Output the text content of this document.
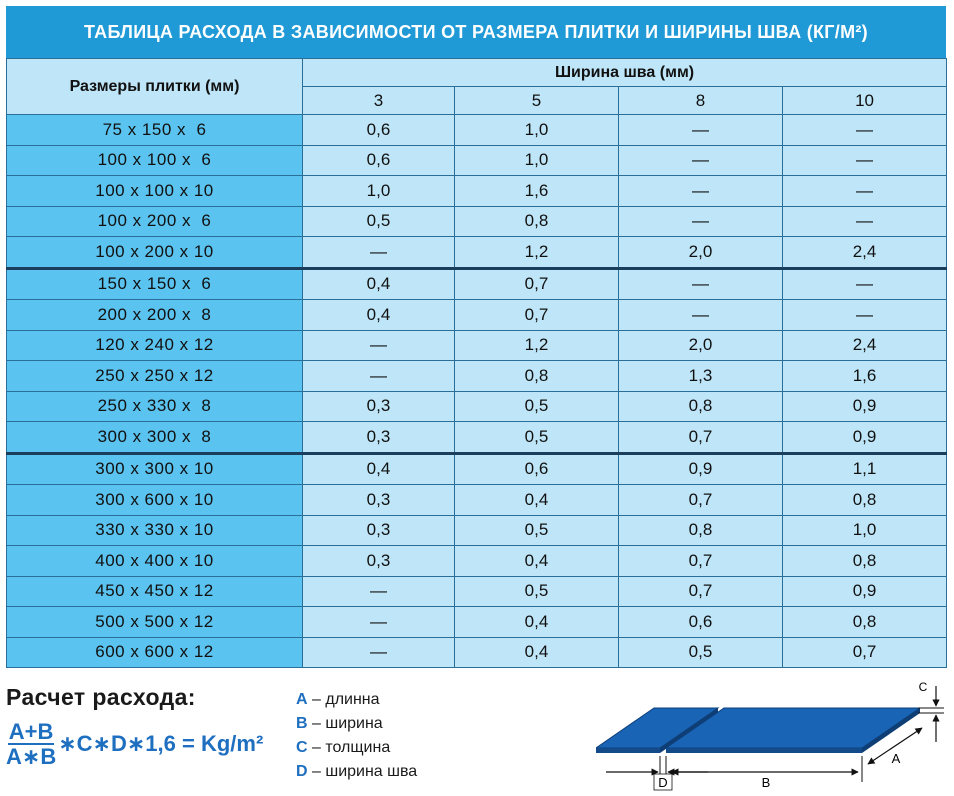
ТАБЛИЦА РАСХОДА В ЗАВИСИМОСТИ ОТ РАЗМЕРА ПЛИТКИ И ШИРИНЫ ШВА (КГ/М²)
Размеры плитки (мм)	Ширина шва (мм)			
	3	5	8	10
75 х 150 х  6	0,6	1,0	—	—
100 х 100 х  6	0,6	1,0	—	—
100 х 100 х 10	1,0	1,6	—	—
100 х 200 х  6	0,5	0,8	—	—
100 х 200 х 10	—	1,2	2,0	2,4
150 х 150 х  6	0,4	0,7	—	—
200 х 200 х  8	0,4	0,7	—	—
120 х 240 х 12	—	1,2	2,0	2,4
250 х 250 х 12	—	0,8	1,3	1,6
250 х 330 х  8	0,3	0,5	0,8	0,9
300 х 300 х  8	0,3	0,5	0,7	0,9
300 х 300 х 10	0,4	0,6	0,9	1,1
300 х 600 х 10	0,3	0,4	0,7	0,8
330 х 330 х 10	0,3	0,5	0,8	1,0
400 х 400 х 10	0,3	0,4	0,7	0,8
450 х 450 х 12	—	0,5	0,7	0,9
500 х 500 х 12	—	0,4	0,6	0,8
600 х 600 х 12	—	0,4	0,5	0,7
Расчет расхода:
$\frac{A+B}{A∗B}$ ∗C∗D∗1,6 = Kg/m²
A – длинна
B – ширина
C – толщина
D – ширина шва
D	B
A
C
